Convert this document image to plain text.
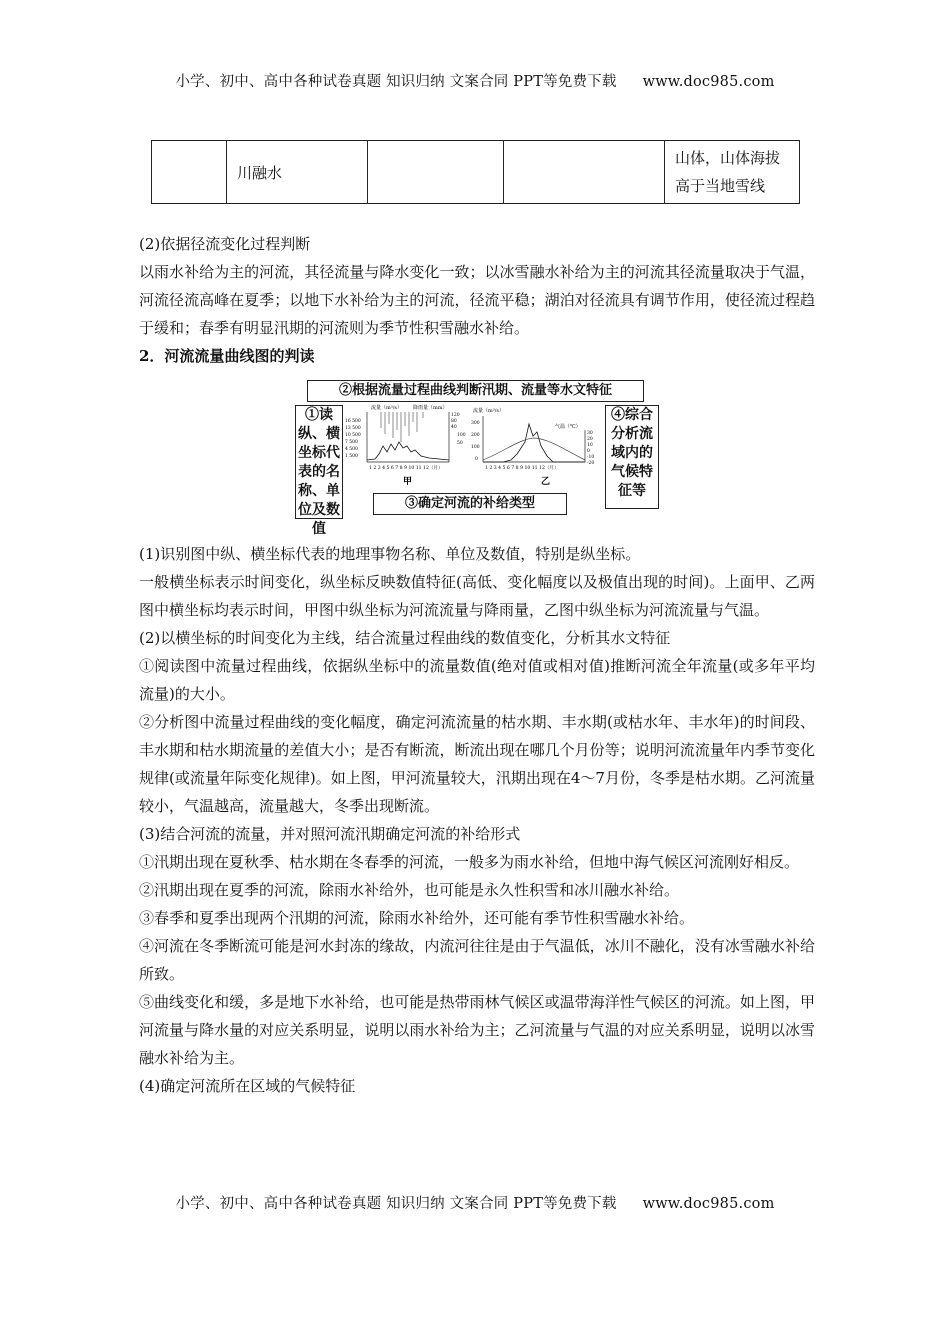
小学、初中、高中各种试卷真题 知识归纳 文案合同 PPT等免费下载 www.doc985.com
	川融水			山体，山体海拔高于当地雪线

(2)依据径流变化过程判断

以雨水补给为主的河流，其径流量与降水变化一致；以冰雪融水补给为主的河流其径流量取决于气温，河流径流高峰在夏季；以地下水补给为主的河流，径流平稳；湖泊对径流具有调节作用，使径流过程趋于缓和；春季有明显汛期的河流则为季节性积雪融水补给。

2．河流流量曲线图的判读

(1)识别图中纵、横坐标代表的地理事物名称、单位及数值，特别是纵坐标。

一般横坐标表示时间变化，纵坐标反映数值特征(高低、变化幅度以及极值出现的时间)。上面甲、乙两图中横坐标均表示时间，甲图中纵坐标为河流流量与降雨量，乙图中纵坐标为河流流量与气温。

(2)以横坐标的时间变化为主线，结合流量过程曲线的数值变化，分析其水文特征

①阅读图中流量过程曲线，依据纵坐标中的流量数值(绝对值或相对值)推断河流全年流量(或多年平均流量)的大小。

②分析图中流量过程曲线的变化幅度，确定河流流量的枯水期、丰水期(或枯水年、丰水年)的时间段、丰水期和枯水期流量的差值大小；是否有断流，断流出现在哪几个月份等；说明河流流量年内季节变化规律(或流量年际变化规律)。如上图，甲河流量较大，汛期出现在4～7月份，冬季是枯水期。乙河流量较小，气温越高，流量越大，冬季出现断流。

(3)结合河流的流量，并对照河流汛期确定河流的补给形式

①汛期出现在夏秋季、枯水期在冬春季的河流，一般多为雨水补给，但地中海气候区河流刚好相反。

②汛期出现在夏季的河流，除雨水补给外，也可能是永久性积雪和冰川融水补给。

③春季和夏季出现两个汛期的河流，除雨水补给外，还可能有季节性积雪融水补给。

④河流在冬季断流可能是河水封冻的缘故，内流河往往是由于气温低，冰川不融化，没有冰雪融水补给所致。

⑤曲线变化和缓，多是地下水补给，也可能是热带雨林气候区或温带海洋性气候区的河流。如上图，甲河流量与降水量的对应关系明显，说明以雨水补给为主；乙河流量与气温的对应关系明显，说明以冰雪融水补给为主。

(4)确定河流所在区域的气候特征

②根据流量过程曲线判断汛期、流量等水文特征
①读纵、横坐标代表的名称、单位及数值
④综合分析流域内的气候特征等
流量（m³/s） 降雨量（mm）
16 500
13 500
10 500
7 500
4 500
1 500
120
80
40
100
50
1 2 3 4 5 6 7 8 9 10 11 12（月）
甲
流量（m³/s）
气温（℃）
300
200
100
0
30
20
10
0
-10
-20
1 2 3 4 5 6 7 8 9 10 11 12（月）
乙
③确定河流的补给类型
小学、初中、高中各种试卷真题 知识归纳 文案合同 PPT等免费下载 www.doc985.com
